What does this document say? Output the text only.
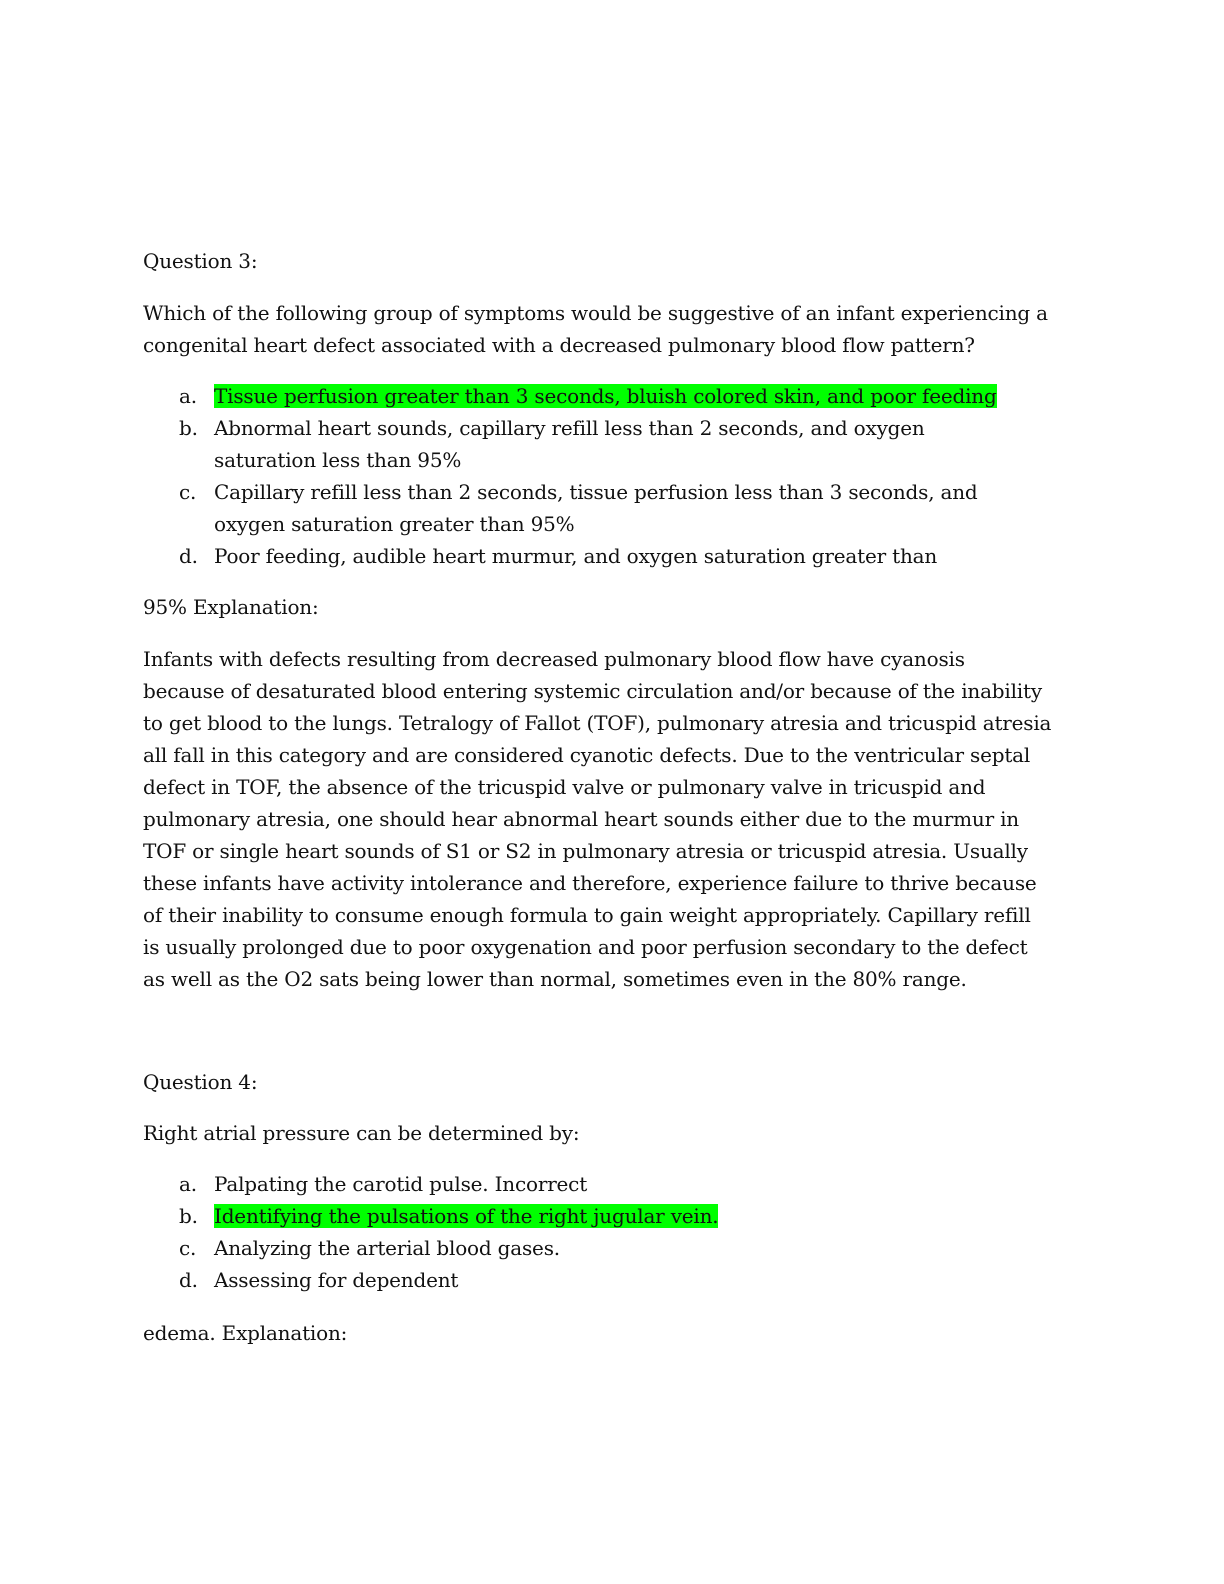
Question 3:
Which of the following group of symptoms would be suggestive of an infant experiencing a
congenital heart defect associated with a decreased pulmonary blood flow pattern?
a. Tissue perfusion greater than 3 seconds, bluish colored skin, and poor feeding
b. Abnormal heart sounds, capillary refill less than 2 seconds, and oxygen
saturation less than 95%
c. Capillary refill less than 2 seconds, tissue perfusion less than 3 seconds, and
oxygen saturation greater than 95%
d. Poor feeding, audible heart murmur, and oxygen saturation greater than
95% Explanation:
Infants with defects resulting from decreased pulmonary blood flow have cyanosis
because of desaturated blood entering systemic circulation and/or because of the inability
to get blood to the lungs. Tetralogy of Fallot (TOF), pulmonary atresia and tricuspid atresia
all fall in this category and are considered cyanotic defects. Due to the ventricular septal
defect in TOF, the absence of the tricuspid valve or pulmonary valve in tricuspid and
pulmonary atresia, one should hear abnormal heart sounds either due to the murmur in
TOF or single heart sounds of S1 or S2 in pulmonary atresia or tricuspid atresia. Usually
these infants have activity intolerance and therefore, experience failure to thrive because
of their inability to consume enough formula to gain weight appropriately. Capillary refill
is usually prolonged due to poor oxygenation and poor perfusion secondary to the defect
as well as the O2 sats being lower than normal, sometimes even in the 80% range.
Question 4:
Right atrial pressure can be determined by:
a. Palpating the carotid pulse. Incorrect
b. Identifying the pulsations of the right jugular vein.
c. Analyzing the arterial blood gases.
d. Assessing for dependent
edema. Explanation:
